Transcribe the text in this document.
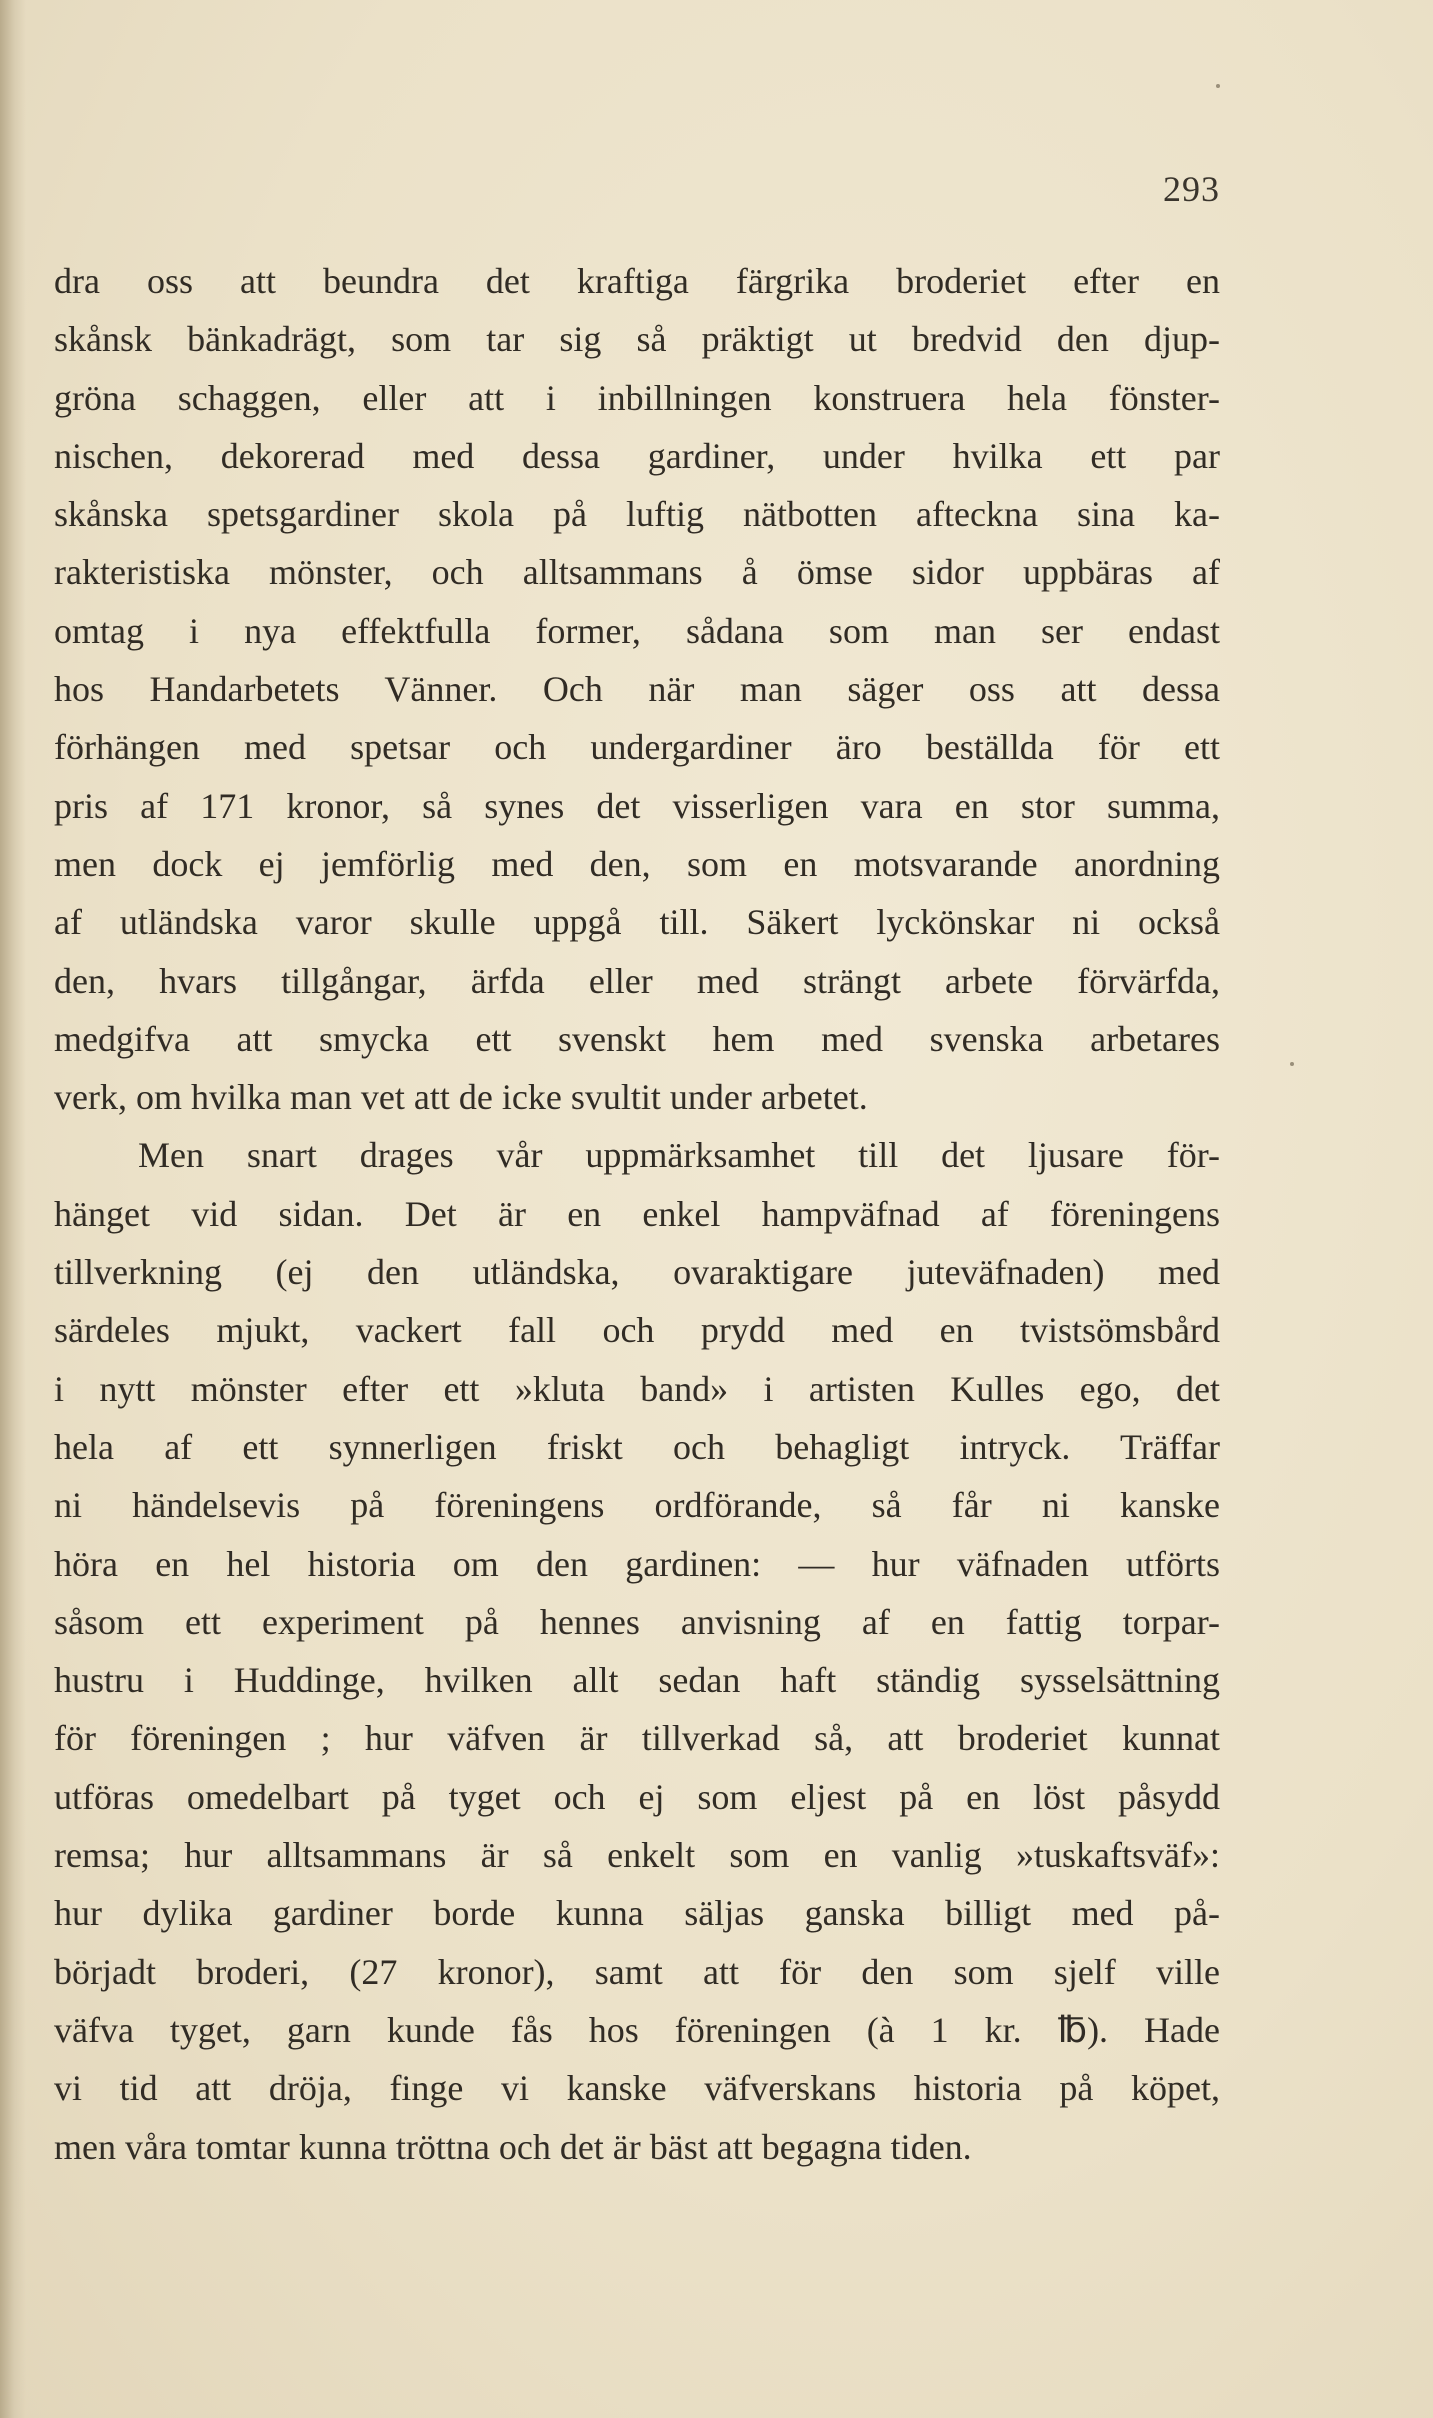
293
dra oss att beundra det kraftiga färgrika broderiet efter en
skånsk bänkadrägt, som tar sig så präktigt ut bredvid den djup-
gröna schaggen, eller att i inbillningen konstruera hela fönster-
nischen, dekorerad med dessa gardiner, under hvilka ett par
skånska spetsgardiner skola på luftig nätbotten afteckna sina ka-
rakteristiska mönster, och alltsammans å ömse sidor uppbäras af
omtag i nya effektfulla former, sådana som man ser endast
hos Handarbetets Vänner. Och när man säger oss att dessa
förhängen med spetsar och undergardiner äro beställda för ett
pris af 171 kronor, så synes det visserligen vara en stor summa,
men dock ej jemförlig med den, som en motsvarande anordning
af utländska varor skulle uppgå till. Säkert lyckönskar ni också
den, hvars tillgångar, ärfda eller med strängt arbete förvärfda,
medgifva att smycka ett svenskt hem med svenska arbetares
verk, om hvilka man vet att de icke svultit under arbetet.
Men snart drages vår uppmärksamhet till det ljusare för-
hänget vid sidan. Det är en enkel hampväfnad af föreningens
tillverkning (ej den utländska, ovaraktigare juteväfnaden) med
särdeles mjukt, vackert fall och prydd med en tvistsömsbård
i nytt mönster efter ett »kluta band» i artisten Kulles ego, det
hela af ett synnerligen friskt och behagligt intryck. Träffar
ni händelsevis på föreningens ordförande, så får ni kanske
höra en hel historia om den gardinen: — hur väfnaden utförts
såsom ett experiment på hennes anvisning af en fattig torpar-
hustru i Huddinge, hvilken allt sedan haft ständig sysselsättning
för föreningen ; hur väfven är tillverkad så, att broderiet kunnat
utföras omedelbart på tyget och ej som eljest på en löst påsydd
remsa; hur alltsammans är så enkelt som en vanlig »tuskaftsväf»:
hur dylika gardiner borde kunna säljas ganska billigt med på-
börjadt broderi, (27 kronor), samt att för den som sjelf ville
väfva tyget, garn kunde fås hos föreningen (à 1 kr. ℔). Hade
vi tid att dröja, finge vi kanske väfverskans historia på köpet,
men våra tomtar kunna tröttna och det är bäst att begagna tiden.
